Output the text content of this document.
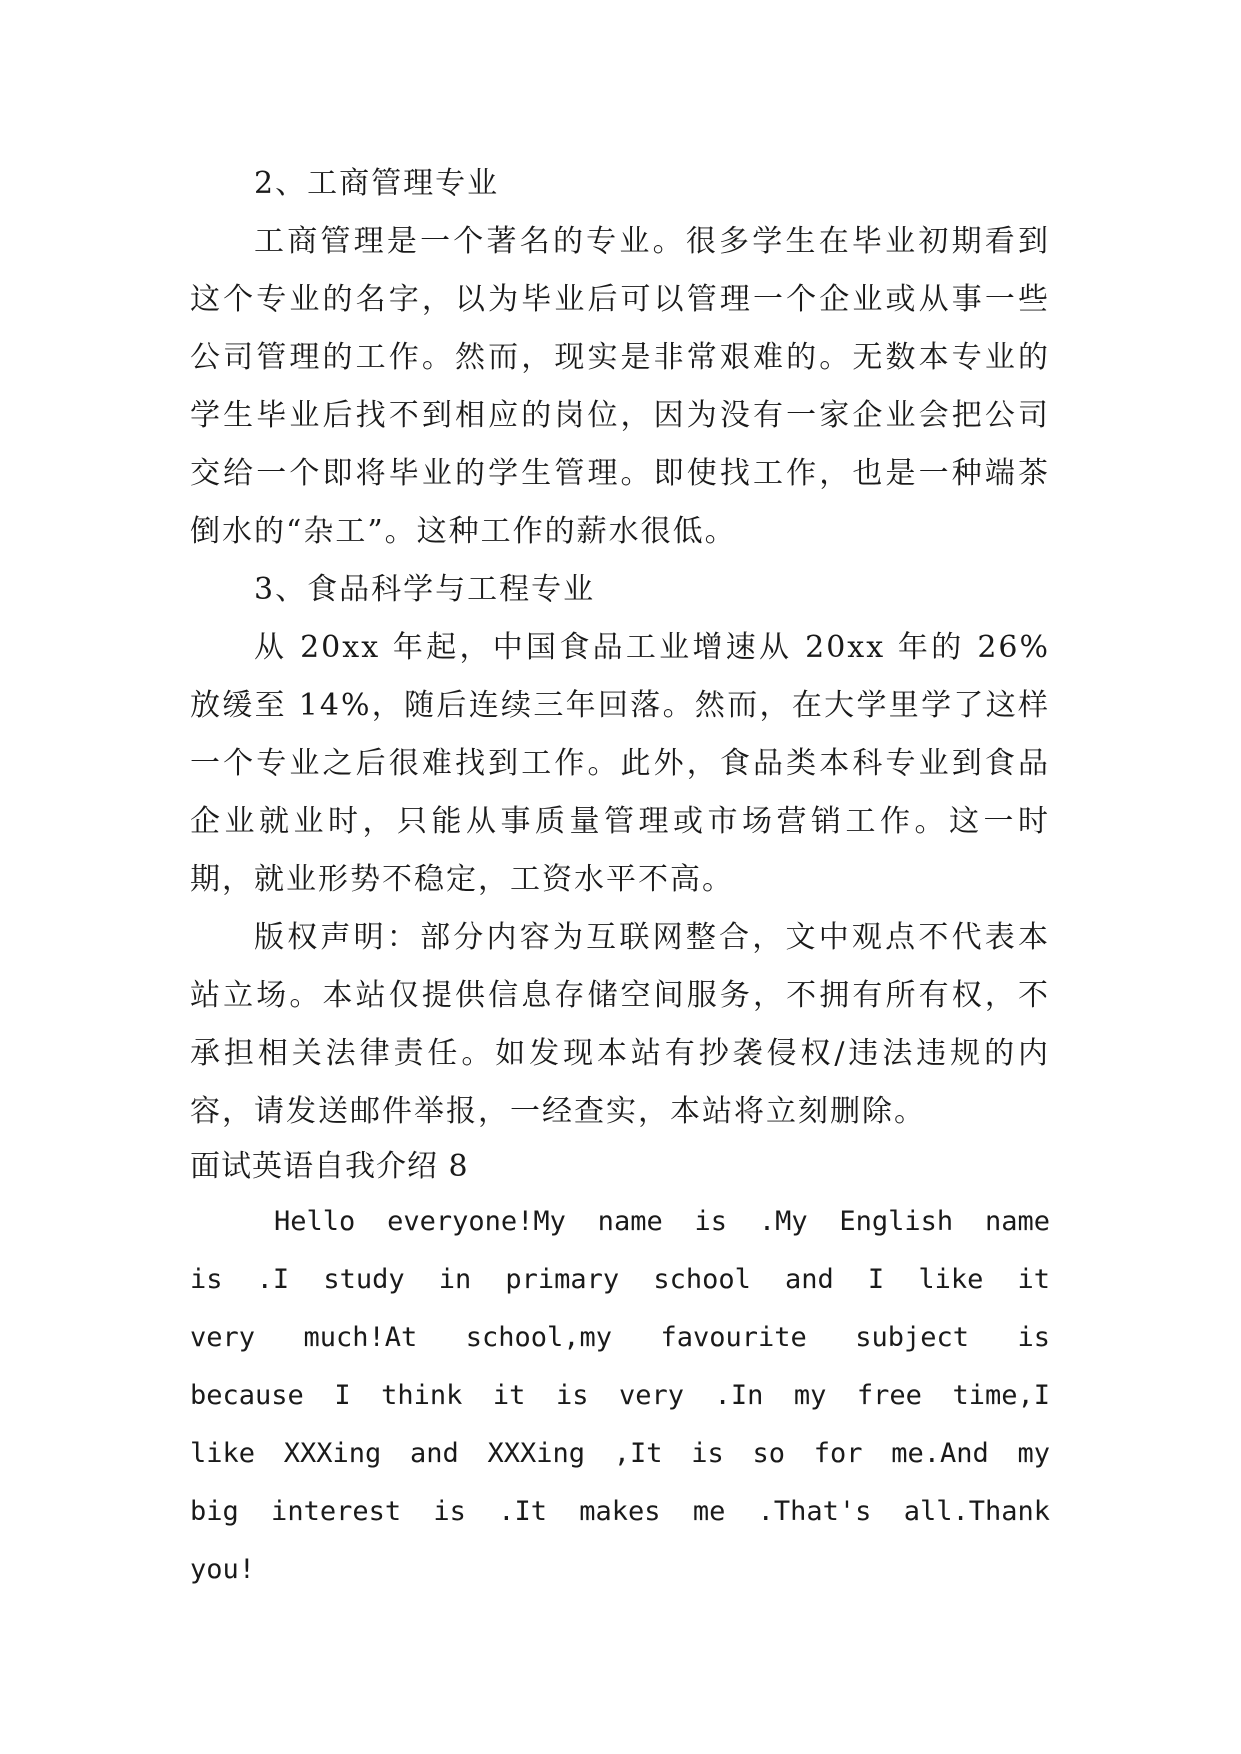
2、工商管理专业

工商管理是一个著名的专业。很多学生在毕业初期看到这个专业的名字，以为毕业后可以管理一个企业或从事一些公司管理的工作。然而，现实是非常艰难的。无数本专业的学生毕业后找不到相应的岗位，因为没有一家企业会把公司交给一个即将毕业的学生管理。即使找工作，也是一种端茶倒水的“杂工”。这种工作的薪水很低。

3、食品科学与工程专业

从 20xx 年起，中国食品工业增速从 20xx 年的 26%放缓至 14%，随后连续三年回落。然而，在大学里学了这样一个专业之后很难找到工作。此外，食品类本科专业到食品企业就业时，只能从事质量管理或市场营销工作。这一时期，就业形势不稳定，工资水平不高。

版权声明：部分内容为互联网整合，文中观点不代表本站立场。本站仅提供信息存储空间服务，不拥有所有权，不承担相关法律责任。如发现本站有抄袭侵权/违法违规的内容，请发送邮件举报，一经查实，本站将立刻删除。

面试英语自我介绍 8

Hello everyone!My name is .My English name is .I study in primary school and I like it very much!At school,my favourite subject is because I think it is very .In my free time,I like XXXing and XXXing ,It is so for me.And my big interest is .It makes me .That's all.Thank you!
